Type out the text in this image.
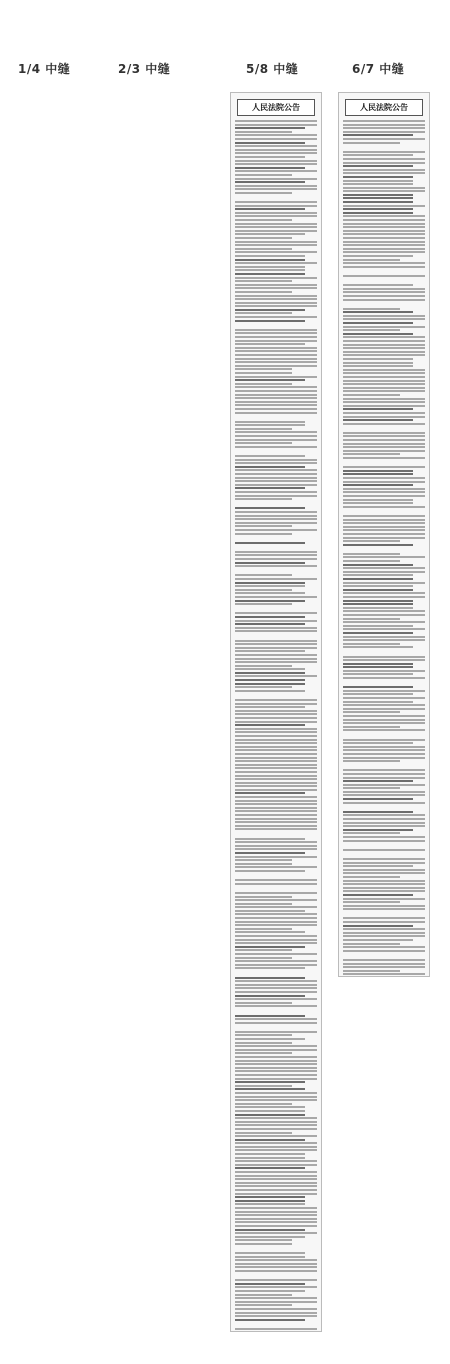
1/4 中缝	2/3 中缝	5/8 中缝	6/7 中缝
人民法院公告	人民法院公告
